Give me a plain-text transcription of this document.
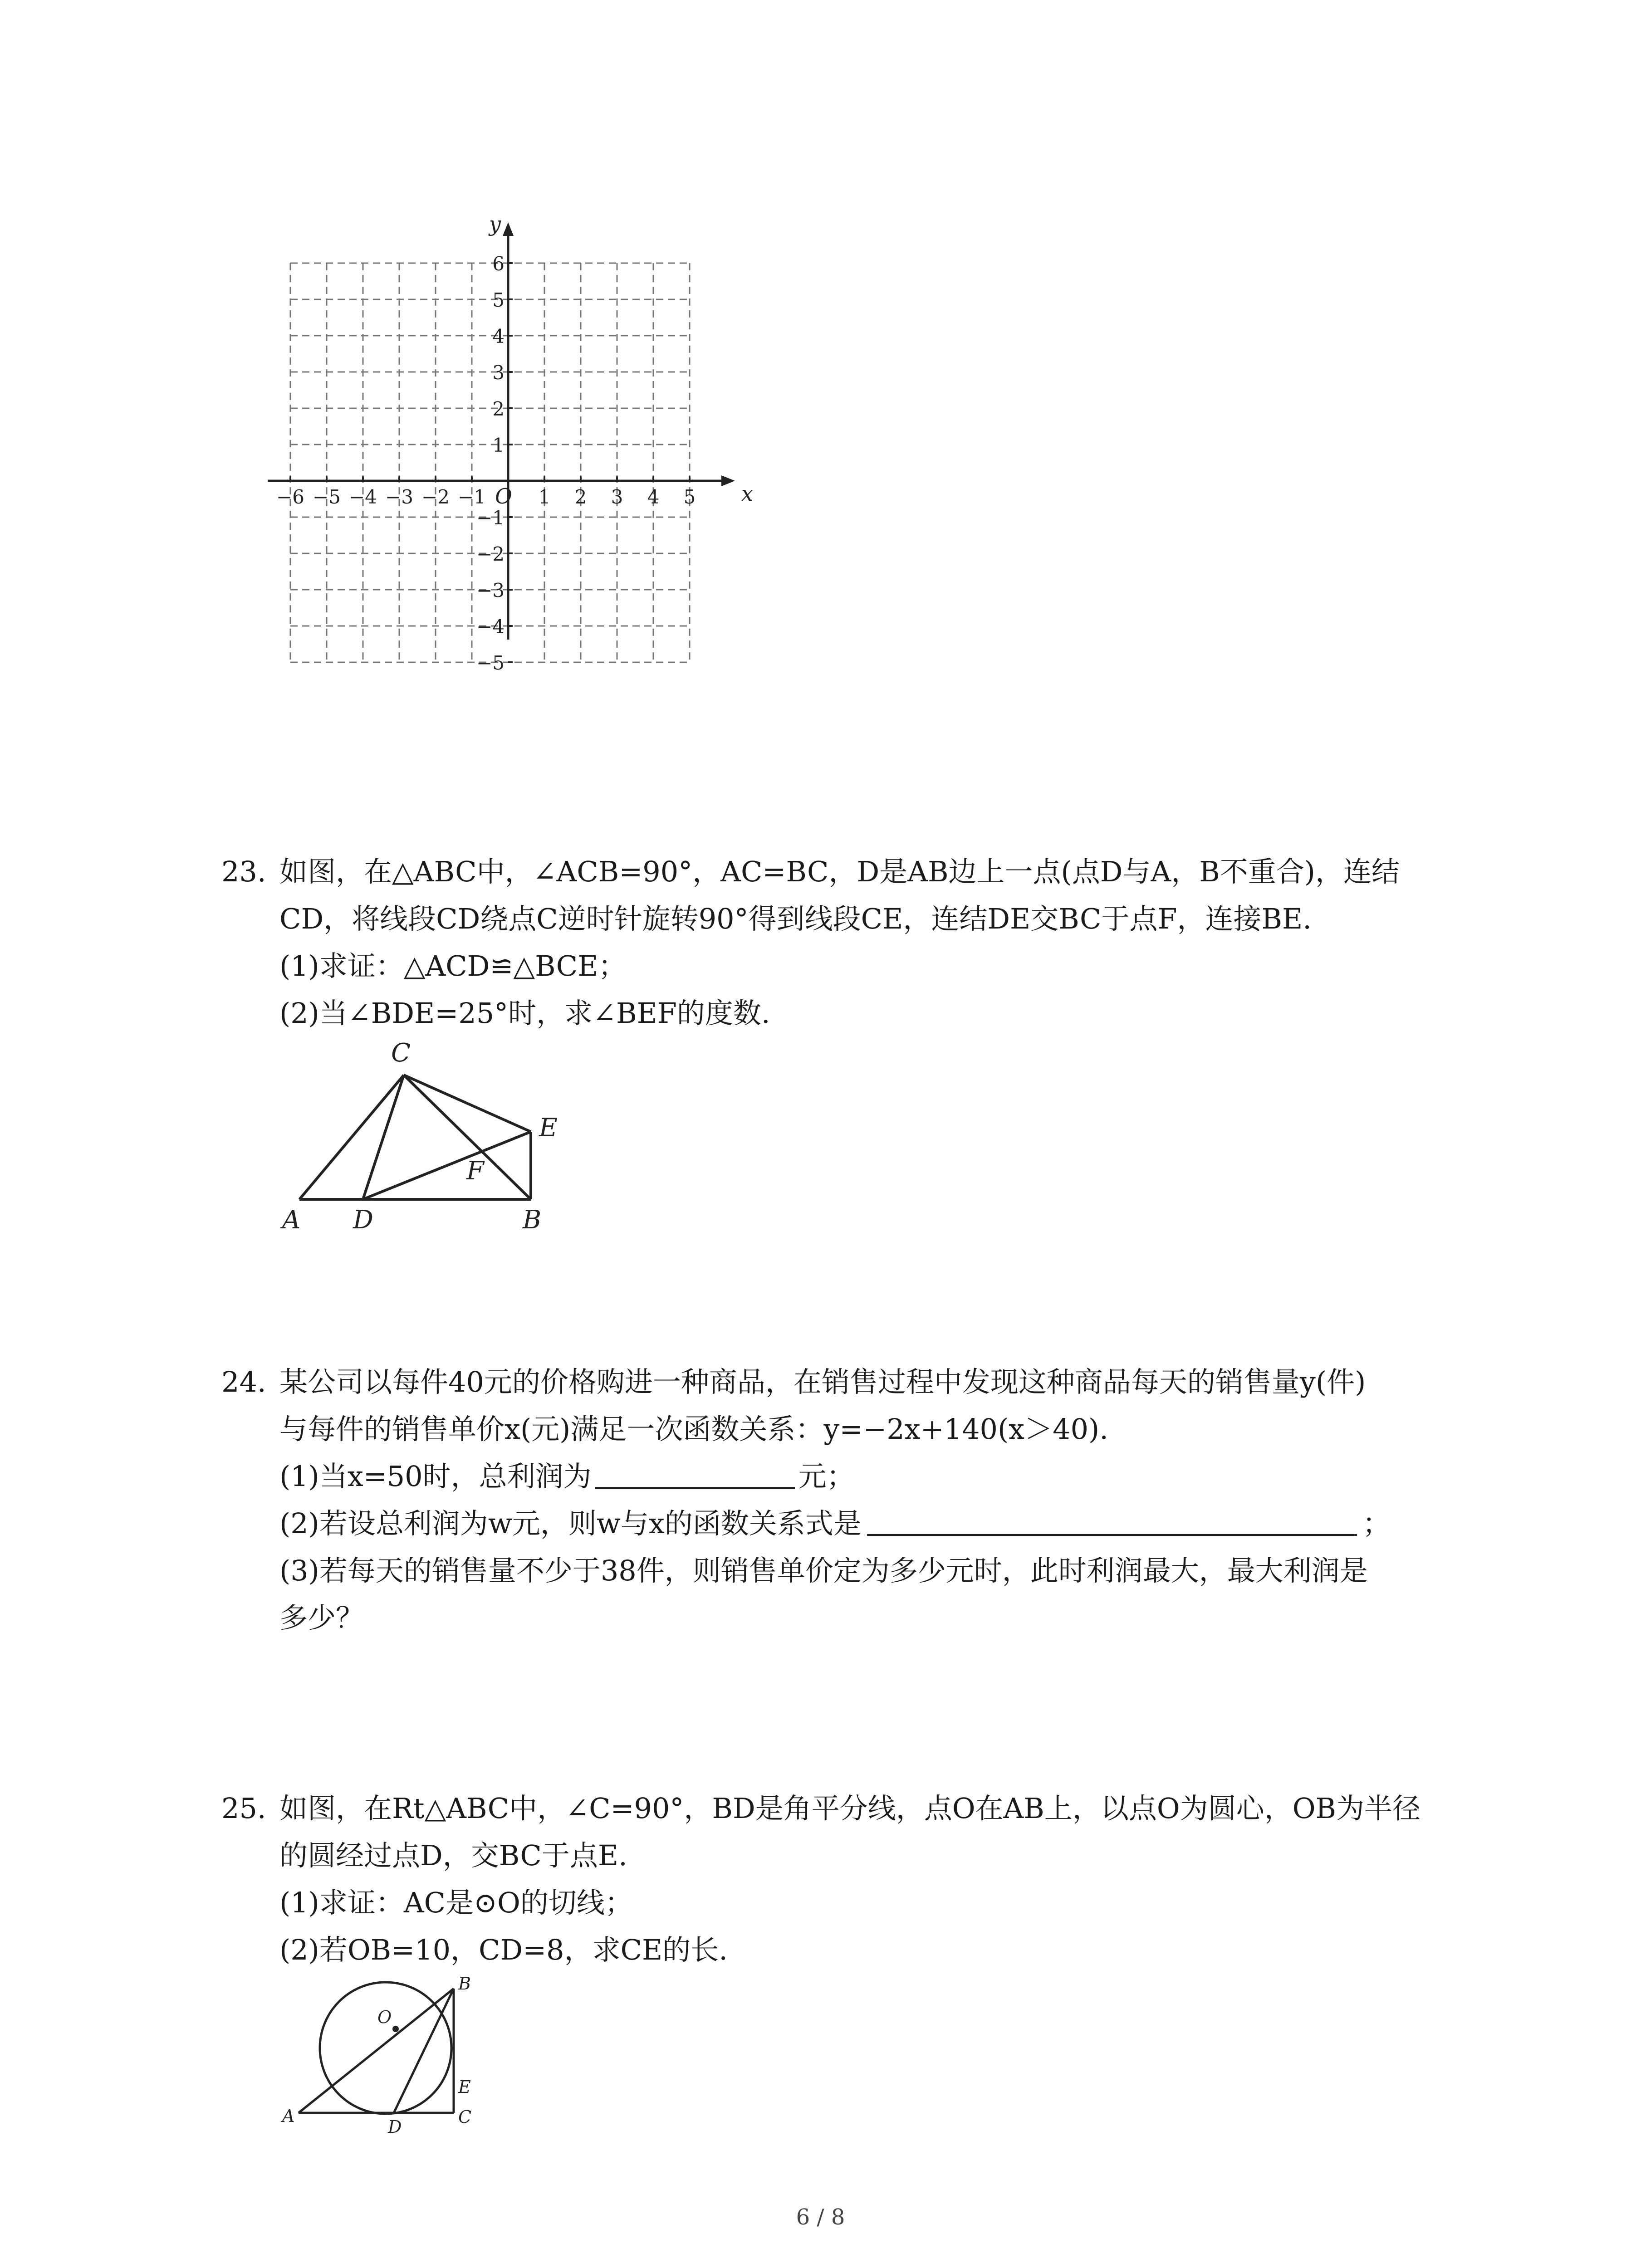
x
y
O
−6 −5 −4 −3 −2 −1	1 2 3 4 5
6
5
4
3
2
1
−1
−2
−3
−4
−5

23. 如图，在△ABC中，∠ACB=90°，AC=BC，D是AB边上一点(点D与A，B不重合)，连结

CD，将线段CD绕点C逆时针旋转90°得到线段CE，连结DE交BC于点F，连接BE.

(1)求证：△ACD≌△BCE；

(2)当∠BDE=25°时，求∠BEF的度数.

C
E
F
A D	B

24. 某公司以每件40元的价格购进一种商品，在销售过程中发现这种商品每天的销售量y(件)

与每件的销售单价x(元)满足一次函数关系：y=−2x+140(x＞40).

(1)当x=50时，总利润为	元；

(2)若设总利润为w元，则w与x的函数关系式是	；

(3)若每天的销售量不少于38件，则销售单价定为多少元时，此时利润最大，最大利润是

多少？

25. 如图，在Rt△ABC中，∠C=90°，BD是角平分线，点O在AB上，以点O为圆心，OB为半径

的圆经过点D，交BC于点E.

(1)求证：AC是⊙O的切线；

(2)若OB=10，CD=8，求CE的长.

O
B
E
A
D	C
6 / 8
